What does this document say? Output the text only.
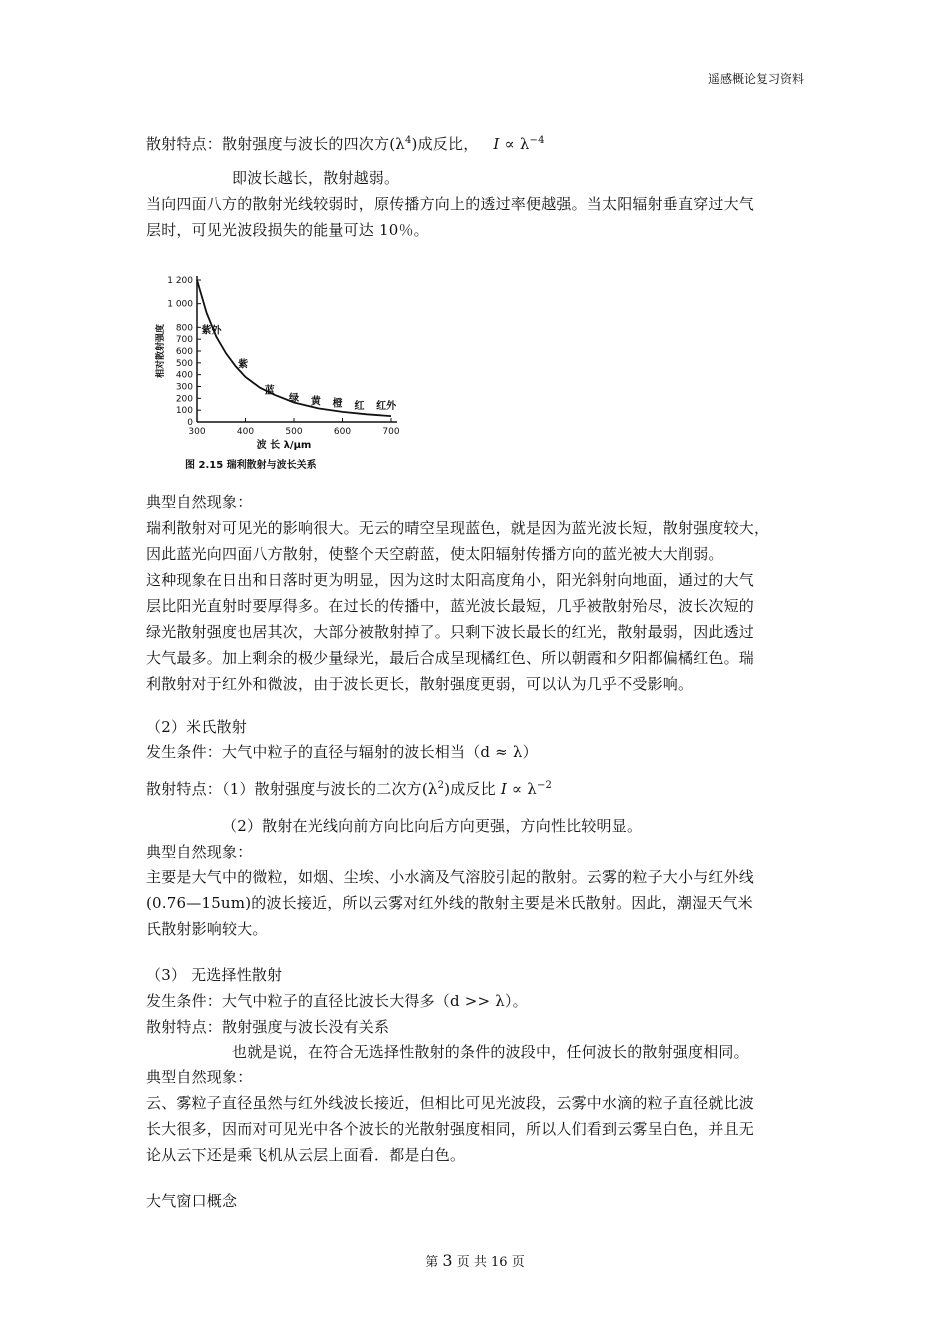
遥感概论复习资料
散射特点：散射强度与波长的四次方$(\lambda^4)$成反比， $I \propto \lambda^{-4}$
即波长越长，散射越弱。
当向四面八方的散射光线较弱时，原传播方向上的透过率便越强。当太阳辐射垂直穿过大气
层时，可见光波段损失的能量可达 10％。
0
100
200
300
400
500
600
700
800
1 000
1 200
300	400	500	600	700
紫外
紫
蓝
绿 黄 橙 红 红外
波 长 λ/μm
相对散射强度
图 2.15 瑞利散射与波长关系
典型自然现象：
瑞利散射对可见光的影响很大。无云的晴空呈现蓝色，就是因为蓝光波长短，散射强度较大，
因此蓝光向四面八方散射，使整个天空蔚蓝，使太阳辐射传播方向的蓝光被大大削弱。
这种现象在日出和日落时更为明显，因为这时太阳高度角小，阳光斜射向地面，通过的大气
层比阳光直射时要厚得多。在过长的传播中，蓝光波长最短，几乎被散射殆尽，波长次短的
绿光散射强度也居其次，大部分被散射掉了。只剩下波长最长的红光，散射最弱，因此透过
大气最多。加上剩余的极少量绿光，最后合成呈现橘红色、所以朝霞和夕阳都偏橘红色。瑞
利散射对于红外和微波，由于波长更长，散射强度更弱，可以认为几乎不受影响。
（2）米氏散射
发生条件：大气中粒子的直径与辐射的波长相当（d ≈ λ）
散射特点：（1）散射强度与波长的二次方$(\lambda^2)$成反比 $I \propto \lambda^{-2}$
（2）散射在光线向前方向比向后方向更强，方向性比较明显。
典型自然现象：
主要是大气中的微粒，如烟、尘埃、小水滴及气溶胶引起的散射。云雾的粒子大小与红外线
(0.76—15um)的波长接近，所以云雾对红外线的散射主要是米氏散射。因此，潮湿天气米
氏散射影响较大。
（3） 无选择性散射
发生条件：大气中粒子的直径比波长大得多（d >> λ）。
散射特点：散射强度与波长没有关系
也就是说，在符合无选择性散射的条件的波段中，任何波长的散射强度相同。
典型自然现象：
云、雾粒子直径虽然与红外线波长接近，但相比可见光波段，云雾中水滴的粒子直径就比波
长大很多，因而对可见光中各个波长的光散射强度相同，所以人们看到云雾呈白色，并且无
论从云下还是乘飞机从云层上面看．都是白色。
大气窗口概念
第 3 页 共 16 页
